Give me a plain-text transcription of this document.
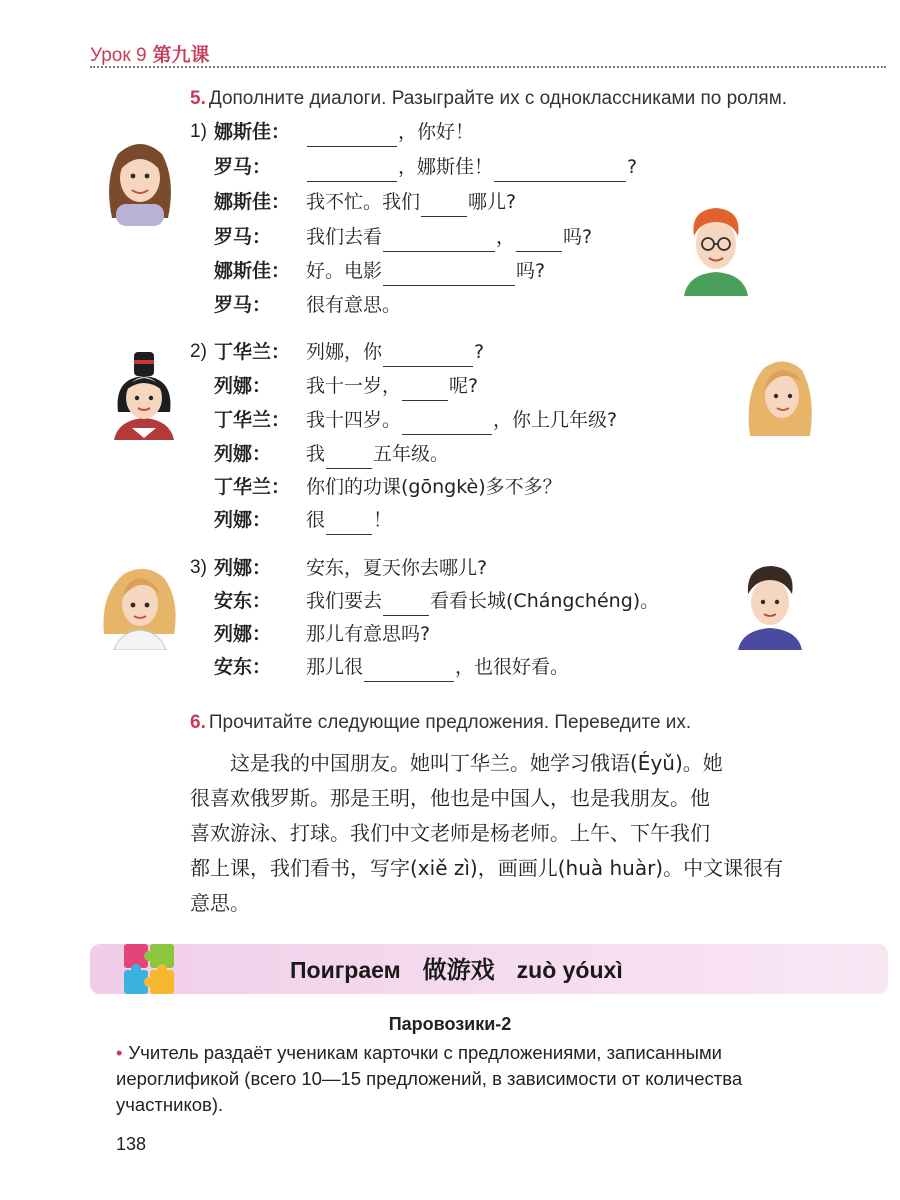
Урок 9 第九课
5. Дополните диалоги. Разыграйте их с одноклассниками по ролям.
1) 娜斯佳：	，你好！
罗马：	，娜斯佳！	?
娜斯佳： 我不忙。我们	哪儿?
罗马： 我们去看	，	吗?
娜斯佳： 好。电影	吗?
罗马： 很有意思。
2) 丁华兰： 列娜，你	?
列娜： 我十一岁，	呢?
丁华兰： 我十四岁。	，你上几年级?
列娜： 我	五年级。
丁华兰： 你们的功课(gōngkè)多不多？
列娜： 很	！
3) 列娜： 安东，夏天你去哪儿?
安东： 我们要去	看看长城(Chángchéng)。
列娜： 那儿有意思吗?
安东： 那儿很	，也很好看。
6. Прочитайте следующие предложения. Переведите их.
这是我的中国朋友。她叫丁华兰。她学习俄语(Éyǔ)。她
很喜欢俄罗斯。那是王明，他也是中国人，也是我朋友。他
喜欢游泳、打球。我们中文老师是杨老师。上午、下午我们
都上课，我们看书，写字(xiě zì)，画画儿(huà huàr)。中文课很有
意思。
Поиграем 做游戏 zuò yóuxì
Паровозики-2
• Учитель раздаёт ученикам карточки с предложениями, записанными
иероглификой (всего 10—15 предложений, в зависимости от количества
участников).
138
